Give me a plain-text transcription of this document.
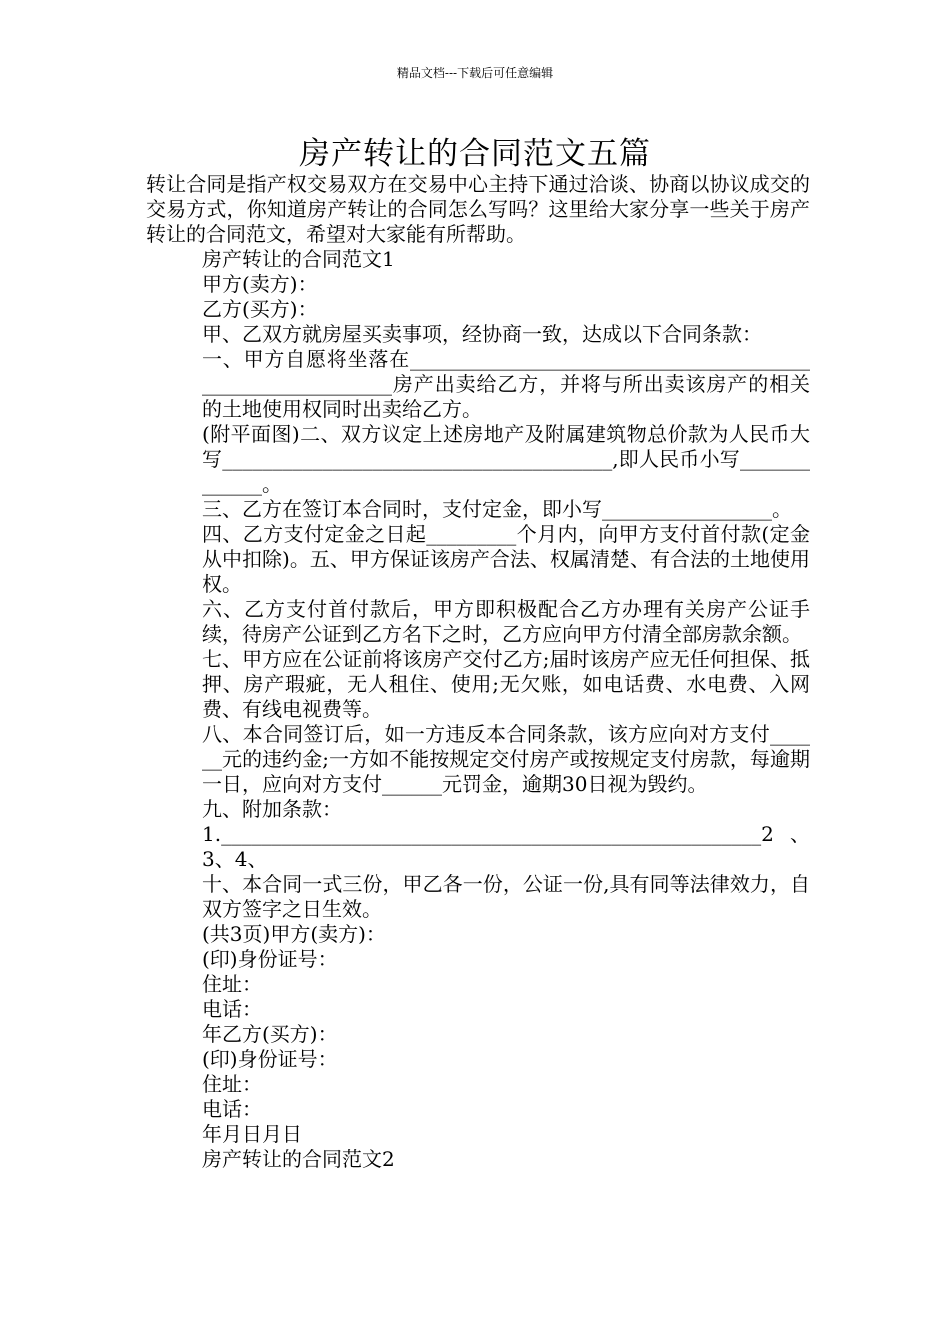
精品文档---下载后可任意编辑
房产转让的合同范文五篇

转让合同是指产权交易双方在交易中心主持下通过洽谈、协商以协议成交的交易方式，你知道房产转让的合同怎么写吗？这里给大家分享一些关于房产转让的合同范文，希望对大家能有所帮助。

房产转让的合同范文1

甲方(卖方)：

乙方(买方)：

甲、乙双方就房屋买卖事项，经协商一致，达成以下合同条款：

一、甲方自愿将坐落在___________________________________________________________房产出卖给乙方，并将与所出卖该房产的相关的土地使用权同时出卖给乙方。

(附平面图)二、双方议定上述房地产及附属建筑物总价款为人民币大写_______________________________________,即人民币小写_____________。

三、乙方在签订本合同时，支付定金，即小写_________________。

四、乙方支付定金之日起_________个月内，向甲方支付首付款(定金从中扣除)。五、甲方保证该房产合法、权属清楚、有合法的土地使用权。

六、乙方支付首付款后，甲方即积极配合乙方办理有关房产公证手续，待房产公证到乙方名下之时，乙方应向甲方付清全部房款余额。

七、甲方应在公证前将该房产交付乙方;届时该房产应无任何担保、抵押、房产瑕疵，无人租住、使用;无欠账，如电话费、水电费、入网费、有线电视费等。

八、本合同签订后，如一方违反本合同条款，该方应向对方支付______元的违约金;一方如不能按规定交付房产或按规定支付房款，每逾期一日，应向对方支付______元罚金，逾期30日视为毁约。

九、附加条款：

1.______________________________________________________2、3、4、

十、本合同一式三份，甲乙各一份，公证一份,具有同等法律效力，自双方签字之日生效。

(共3页)甲方(卖方)：

(印)身份证号：

住址：

电话：

年乙方(买方)：

(印)身份证号：

住址：

电话：

年月日月日

房产转让的合同范文2
